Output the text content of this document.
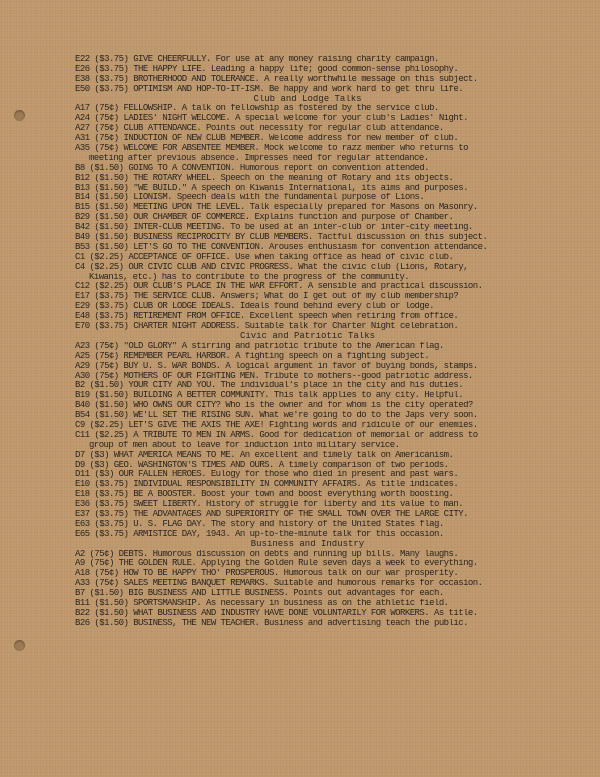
E22 ($3.75) GIVE CHEERFULLY. For use at any money raising charity campaign.
E26 ($3.75) THE HAPPY LIFE. Leading a happy life; good common-sense philosophy.
E38 ($3.75) BROTHERHOOD AND TOLERANCE. A really worthwhile message on this subject.
E50 ($3.75) OPTIMISM AND HOP-TO-IT-ISM. Be happy and work hard to get thru life.
Club and Lodge Talks
A17 (75¢) FELLOWSHIP. A talk on fellowship as fostered by the service club.
A24 (75¢) LADIES' NIGHT WELCOME. A special welcome for your club's Ladies' Night.
A27 (75¢) CLUB ATTENDANCE. Points out necessity for regular club attendance.
A31 (75¢) INDUCTION OF NEW CLUB MEMBER. Welcome address for new member of club.
A35 (75¢) WELCOME FOR ABSENTEE MEMBER. Mock welcome to razz member who returns to
meeting after previous absence. Impresses need for regular attendance.
B8 ($1.50) GOING TO A CONVENTION. Humorous report on convention attended.
B12 ($1.50) THE ROTARY WHEEL. Speech on the meaning of Rotary and its objects.
B13 ($1.50) "WE BUILD." A speech on Kiwanis International, its aims and purposes.
B14 ($1.50) LIONISM. Speech deals with the fundamental purpose of Lions.
B15 ($1.50) MEETING UPON THE LEVEL. Talk especially prepared for Masons on Masonry.
B29 ($1.50) OUR CHAMBER OF COMMERCE. Explains function and purpose of Chamber.
B42 ($1.50) INTER-CLUB MEETING. To be used at an inter-club or inter-city meeting.
B49 ($1.50) BUSINESS RECIPROCITY BY CLUB MEMBERS. Tactful discussion on this subject.
B53 ($1.50) LET'S GO TO THE CONVENTION. Arouses enthusiasm for convention attendance.
C1 ($2.25) ACCEPTANCE OF OFFICE. Use when taking office as head of civic club.
C4 ($2.25) OUR CIVIC CLUB AND CIVIC PROGRESS. What the civic club (Lions, Rotary,
Kiwanis, etc.) has to contribute to the progress of the community.
C12 ($2.25) OUR CLUB'S PLACE IN THE WAR EFFORT. A sensible and practical discussion.
E17 ($3.75) THE SERVICE CLUB. Answers; What do I get out of my club membership?
E29 ($3.75) CLUB OR LODGE IDEALS. Ideals found behind every club or lodge.
E48 ($3.75) RETIREMENT FROM OFFICE. Excellent speech when retiring from office.
E70 ($3.75) CHARTER NIGHT ADDRESS. Suitable talk for Charter Night celebration.
Civic and Patriotic Talks
A23 (75¢) "OLD GLORY" A stirring and patriotic tribute to the American flag.
A25 (75¢) REMEMBER PEARL HARBOR. A fighting speech on a fighting subject.
A29 (75¢) BUY U. S. WAR BONDS. A logical argument in favor of buying bonds, stamps.
A30 (75¢) MOTHERS OF OUR FIGHTING MEN. Tribute to mothers--good patriotic address.
B2 ($1.50) YOUR CITY AND YOU. The individual's place in the city and his duties.
B19 ($1.50) BUILDING A BETTER COMMUNITY. This talk applies to any city. Helpful.
B40 ($1.50) WHO OWNS OUR CITY? Who is the owner and for whom is the city operated?
B54 ($1.50) WE'LL SET THE RISING SUN. What we're going to do to the Japs very soon.
C9 ($2.25) LET'S GIVE THE AXIS THE AXE! Fighting words and ridicule of our enemies.
C11 ($2.25) A TRIBUTE TO MEN IN ARMS. Good for dedication of memorial or address to
group of men about to leave for induction into military service.
D7 ($3) WHAT AMERICA MEANS TO ME. An excellent and timely talk on Americanism.
D9 ($3) GEO. WASHINGTON'S TIMES AND OURS. A timely comparison of two periods.
D11 ($3) OUR FALLEN HEROES. Eulogy for those who died in present and past wars.
E10 ($3.75) INDIVIDUAL RESPONSIBILITY IN COMMUNITY AFFAIRS. As title indicates.
E18 ($3.75) BE A BOOSTER. Boost your town and boost everything worth boosting.
E36 ($3.75) SWEET LIBERTY. History of struggle for liberty and its value to man.
E37 ($3.75) THE ADVANTAGES AND SUPERIORITY OF THE SMALL TOWN OVER THE LARGE CITY.
E63 ($3.75) U. S. FLAG DAY. The story and history of the United States flag.
E65 ($3.75) ARMISTICE DAY, 1943. An up-to-the-minute talk for this occasion.
Business and Industry
A2 (75¢) DEBTS. Humorous discussion on debts and running up bills. Many laughs.
A9 (75¢) THE GOLDEN RULE. Applying the Golden Rule seven days a week to everything.
A18 (75¢) HOW TO BE HAPPY THO' PROSPEROUS. Humorous talk on our war prosperity.
A33 (75¢) SALES MEETING BANQUET REMARKS. Suitable and humorous remarks for occasion.
B7 ($1.50) BIG BUSINESS AND LITTLE BUSINESS. Points out advantages for each.
B11 ($1.50) SPORTSMANSHIP. As necessary in business as on the athletic field.
B22 ($1.50) WHAT BUSINESS AND INDUSTRY HAVE DONE VOLUNTARILY FOR WORKERS. As title.
B26 ($1.50) BUSINESS, THE NEW TEACHER. Business and advertising teach the public.
